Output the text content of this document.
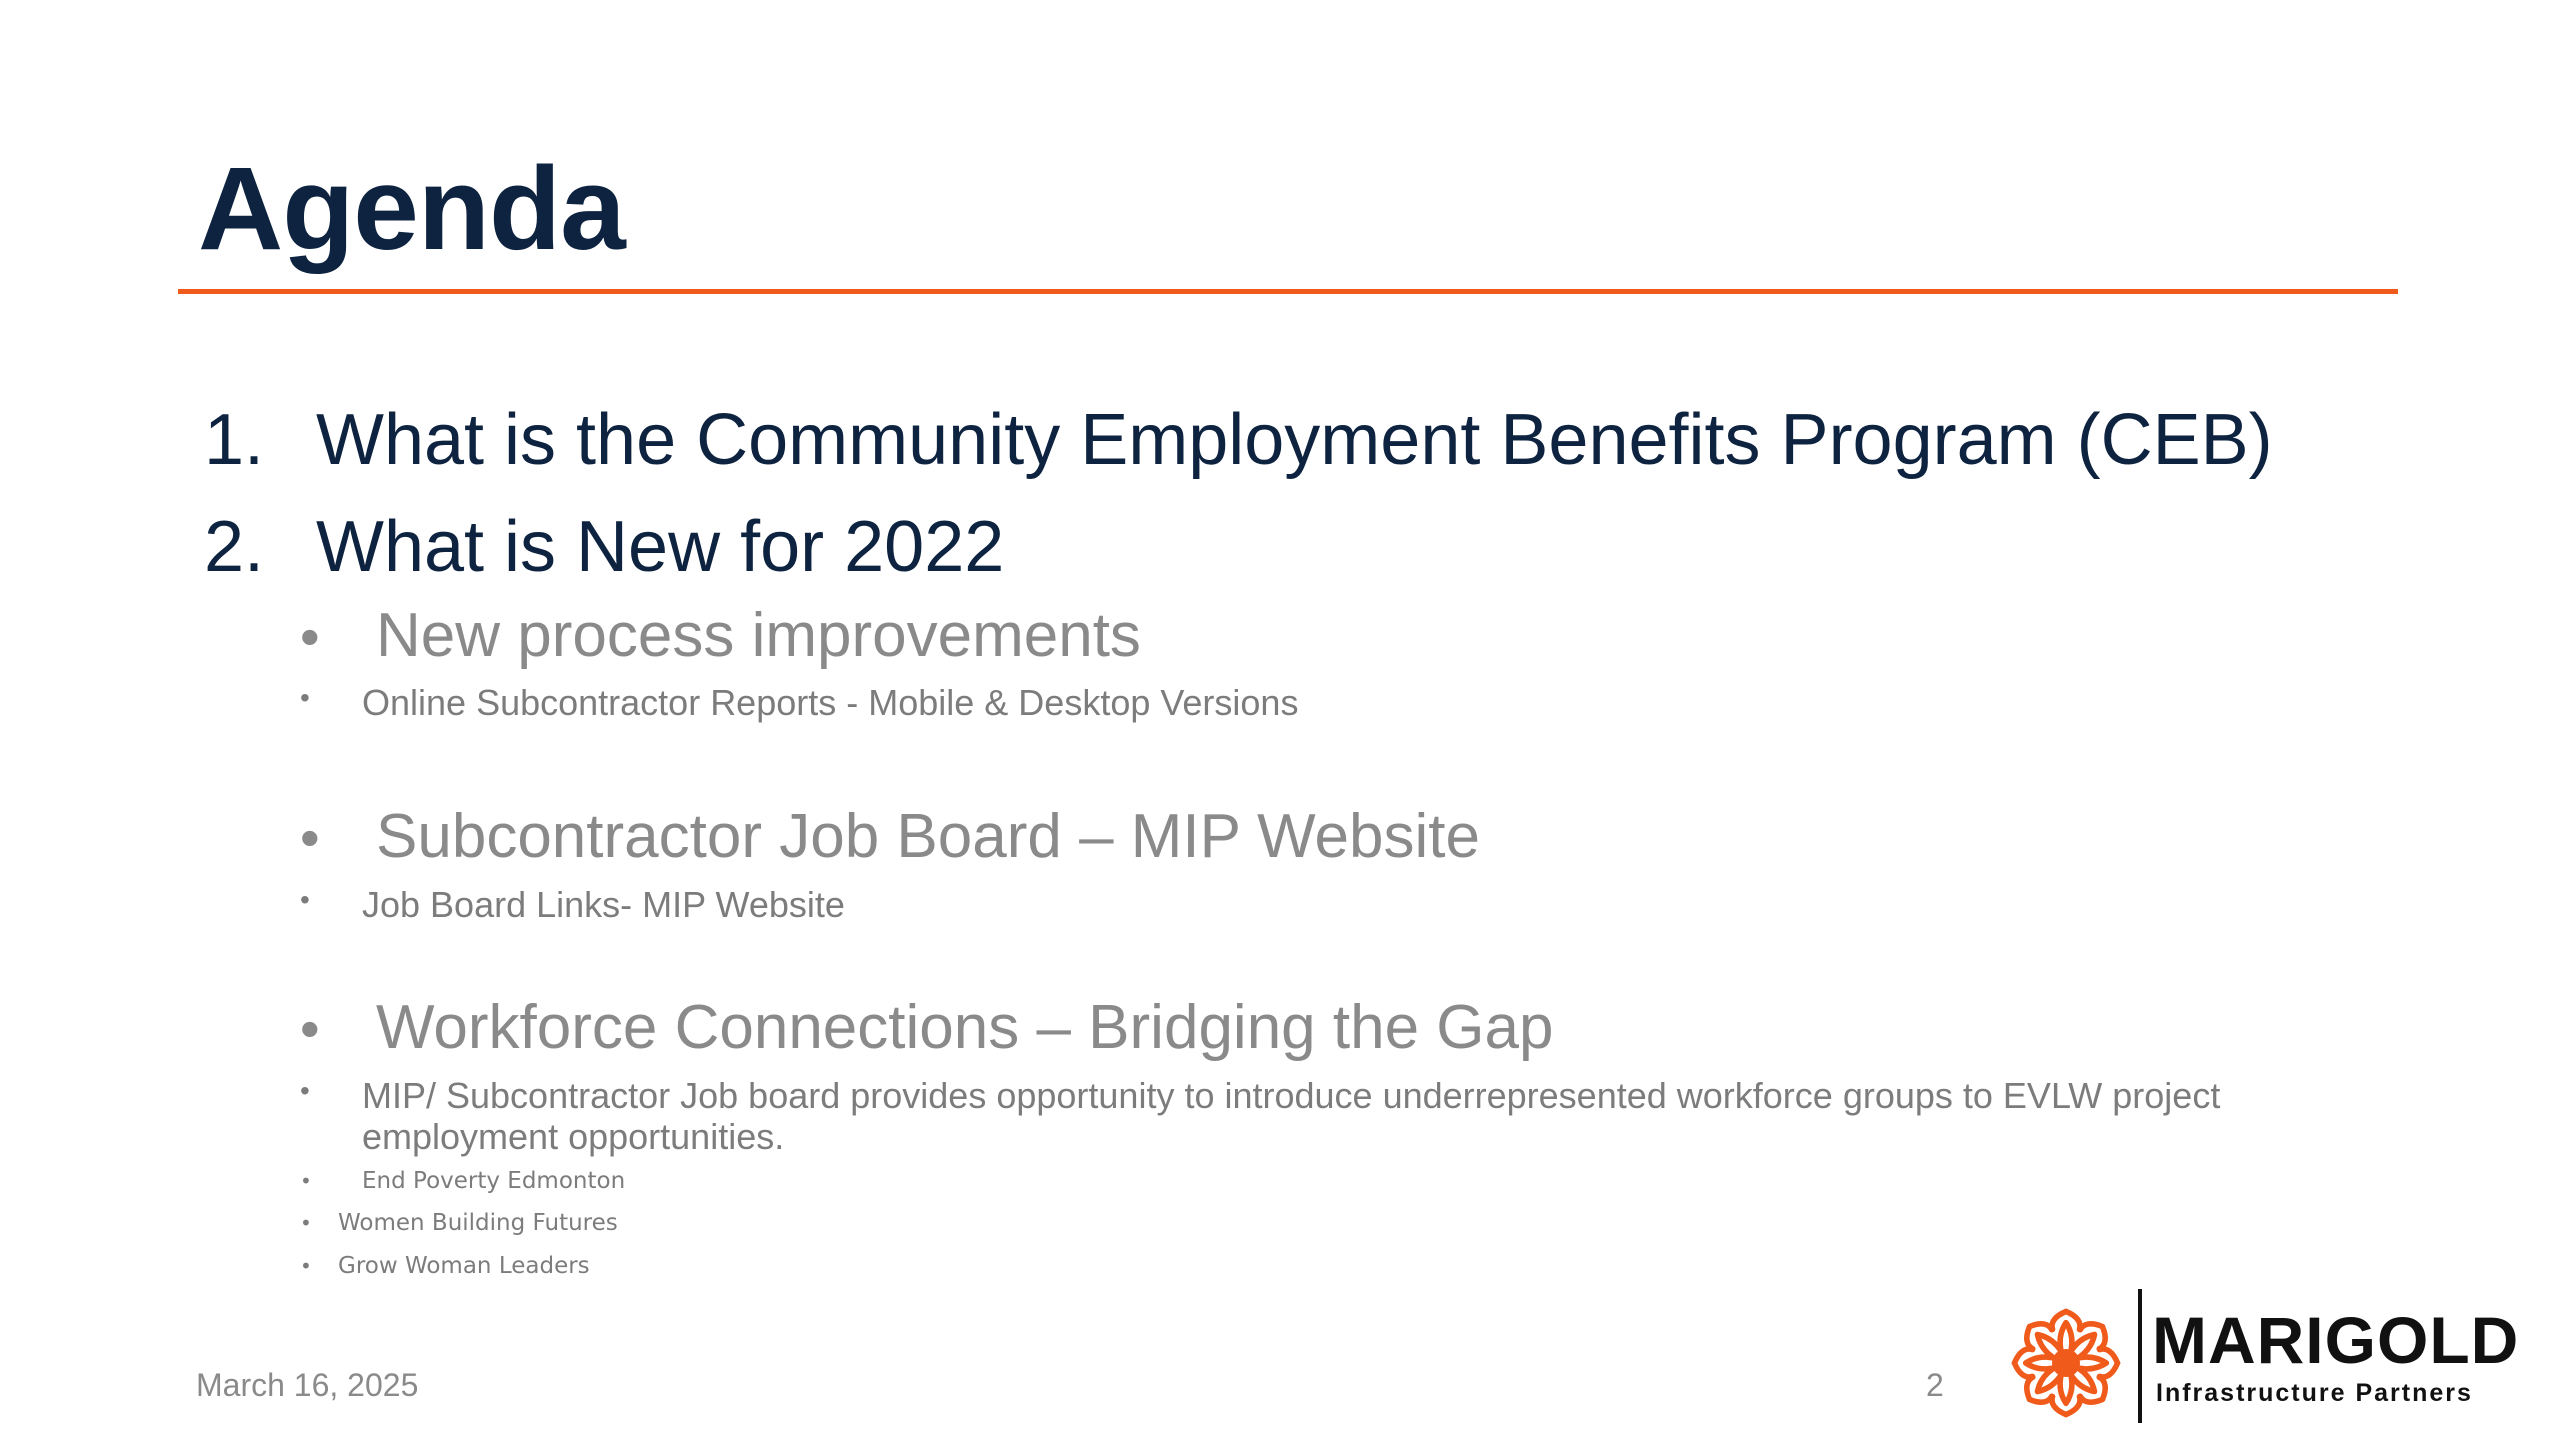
Agenda
1. What is the Community Employment Benefits Program (CEB)
2. What is New for 2022
• New process improvements
•	Online Subcontractor Reports - Mobile & Desktop Versions
• Subcontractor Job Board – MIP Website
•	Job Board Links- MIP Website
• Workforce Connections – Bridging the Gap
•	MIP/ Subcontractor Job board provides opportunity to introduce underrepresented workforce groups to EVLW project employment opportunities.
• End Poverty Edmonton
• Women Building Futures
• Grow Woman Leaders
March 16, 2025	2
MARIGOLD
Infrastructure Partners
